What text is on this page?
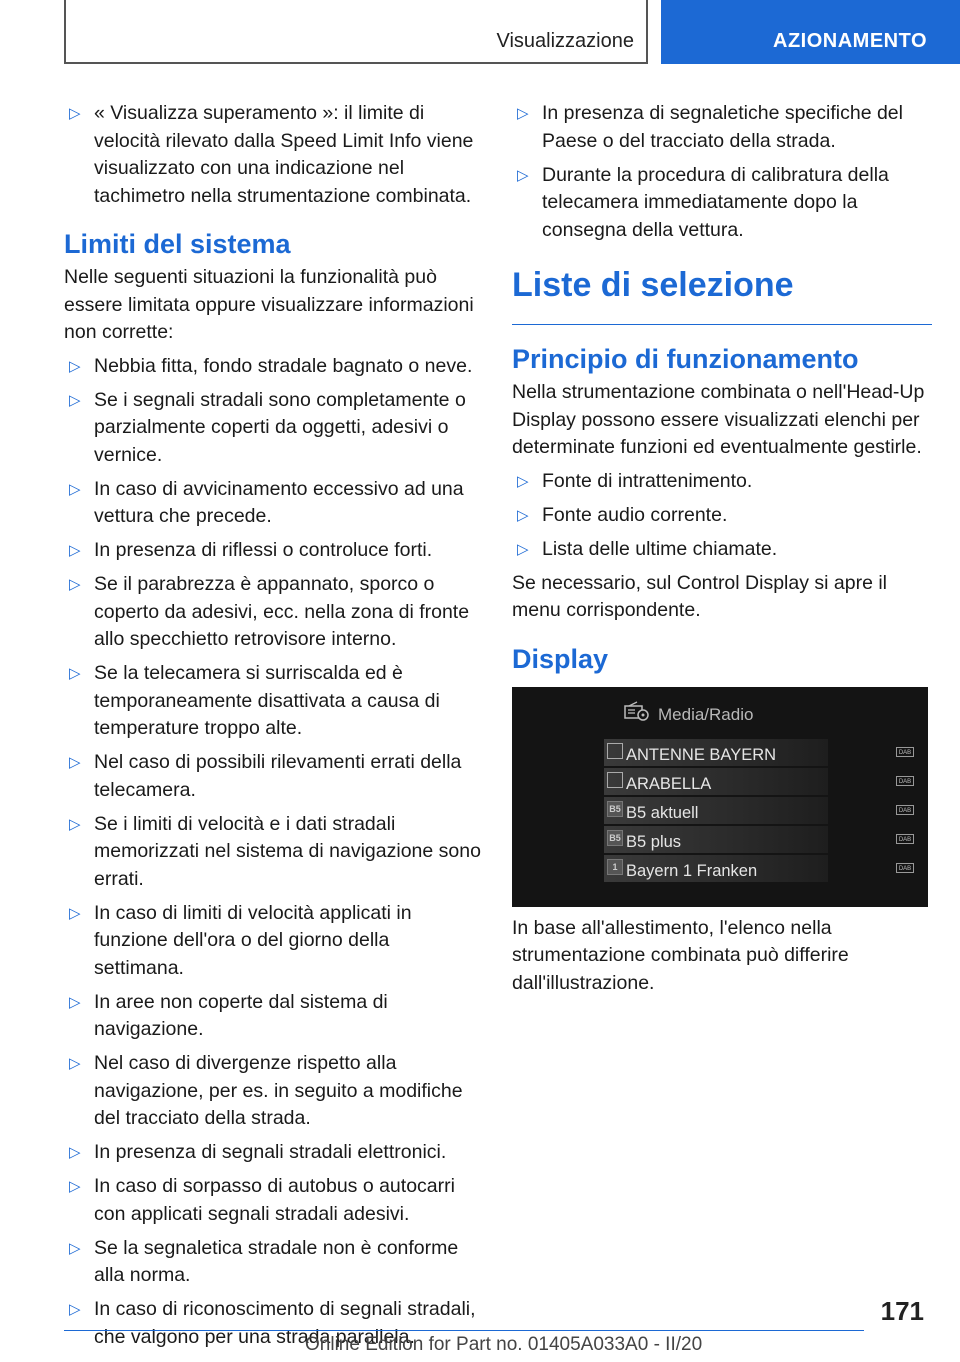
Visualizzazione	AZIONAMENTO
▷ « Visualizza superamento »: il limite di velocità rilevato dalla Speed Limit Info viene visualizzato con una indicazione nel tachimetro nella strumentazione combinata.
Limiti del sistema

Nelle seguenti situazioni la funzionalità può essere limitata oppure visualizzare informazioni non corrette:

▷ Nebbia fitta, fondo stradale bagnato o neve.
▷ Se i segnali stradali sono completamente o parzialmente coperti da oggetti, adesivi o vernice.
▷ In caso di avvicinamento eccessivo ad una vettura che precede.
▷ In presenza di riflessi o controluce forti.
▷ Se il parabrezza è appannato, sporco o coperto da adesivi, ecc. nella zona di fronte allo specchietto retrovisore interno.
▷ Se la telecamera si surriscalda ed è temporaneamente disattivata a causa di temperature troppo alte.
▷ Nel caso di possibili rilevamenti errati della telecamera.
▷ Se i limiti di velocità e i dati stradali memorizzati nel sistema di navigazione sono errati.
▷ In caso di limiti di velocità applicati in funzione dell'ora o del giorno della settimana.
▷ In aree non coperte dal sistema di navigazione.
▷ Nel caso di divergenze rispetto alla navigazione, per es. in seguito a modifiche del tracciato della strada.
▷ In presenza di segnali stradali elettronici.
▷ In caso di sorpasso di autobus o autocarri con applicati segnali stradali adesivi.
▷ Se la segnaletica stradale non è conforme alla norma.
▷ In caso di riconoscimento di segnali stradali, che valgono per una strada parallela.
▷ In presenza di segnaletiche specifiche del Paese o del tracciato della strada.
▷ Durante la procedura di calibratura della telecamera immediatamente dopo la consegna della vettura.
Liste di selezione
Principio di funzionamento

Nella strumentazione combinata o nell'Head-Up Display possono essere visualizzati elenchi per determinate funzioni ed eventualmente gestirle.

▷ Fonte di intrattenimento.
▷ Fonte audio corrente.
▷ Lista delle ultime chiamate.

Se necessario, sul Control Display si apre il menu corrispondente.

Display
Media/Radio
ANTENNE BAYERN	DAB
ARABELLA	DAB
B5 B5 aktuell	DAB
B5 B5 plus	DAB
1 Bayern 1 Franken	DAB

In base all'allestimento, l'elenco nella strumentazione combinata può differire dall'illustrazione.

171
Online Edition for Part no. 01405A033A0 - II/20
